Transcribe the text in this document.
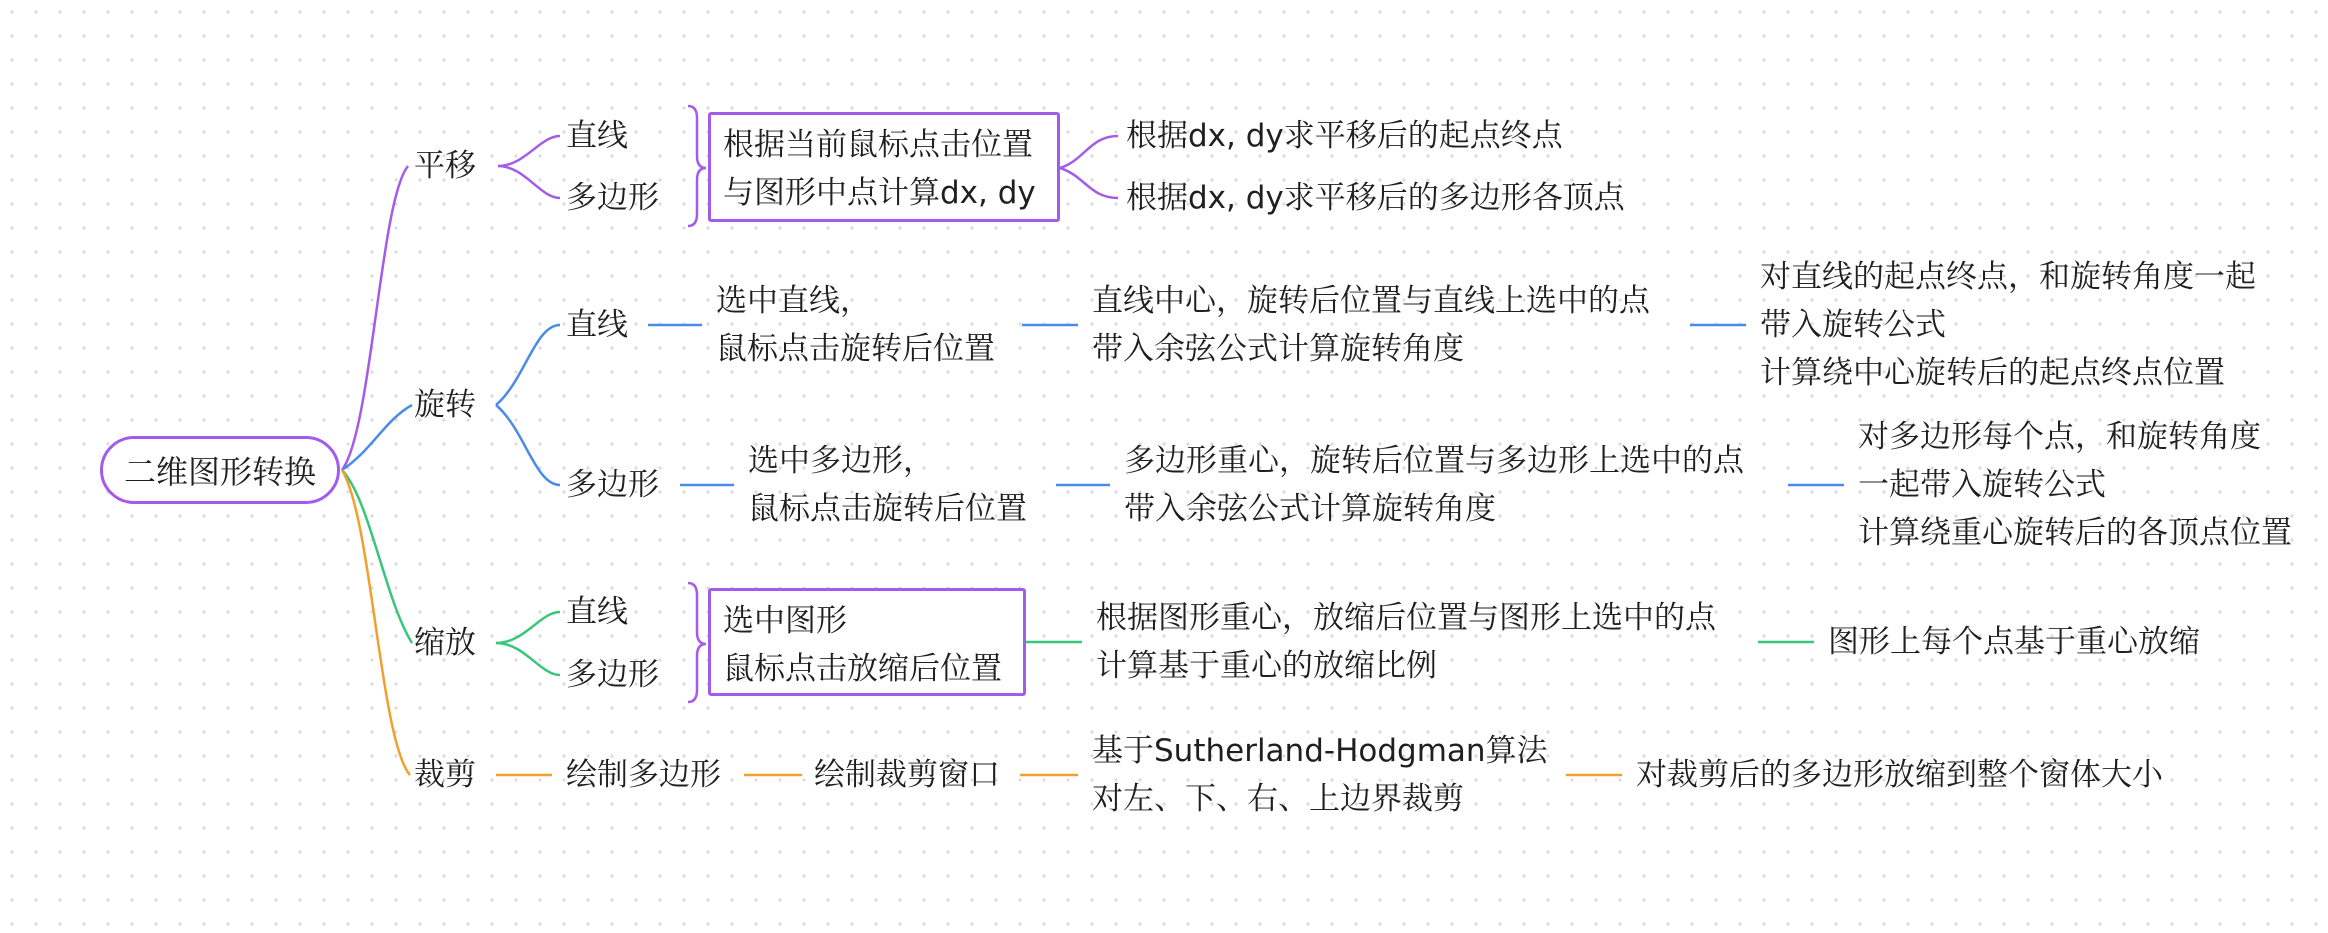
二维图形转换
平移
旋转
缩放
裁剪
直线
多边形
根据当前鼠标点击位置
与图形中点计算dx, dy
根据dx, dy求平移后的起点终点
根据dx, dy求平移后的多边形各顶点
直线
选中直线，
鼠标点击旋转后位置
直线中心，旋转后位置与直线上选中的点
带入余弦公式计算旋转角度
对直线的起点终点，和旋转角度一起
带入旋转公式
计算绕中心旋转后的起点终点位置
多边形
选中多边形，
鼠标点击旋转后位置
多边形重心，旋转后位置与多边形上选中的点
带入余弦公式计算旋转角度
对多边形每个点，和旋转角度
一起带入旋转公式
计算绕重心旋转后的各顶点位置
直线
多边形
选中图形
鼠标点击放缩后位置
根据图形重心，放缩后位置与图形上选中的点
计算基于重心的放缩比例
图形上每个点基于重心放缩
绘制多边形	绘制裁剪窗口
基于Sutherland-Hodgman算法
对左、下、右、上边界裁剪
对裁剪后的多边形放缩到整个窗体大小
